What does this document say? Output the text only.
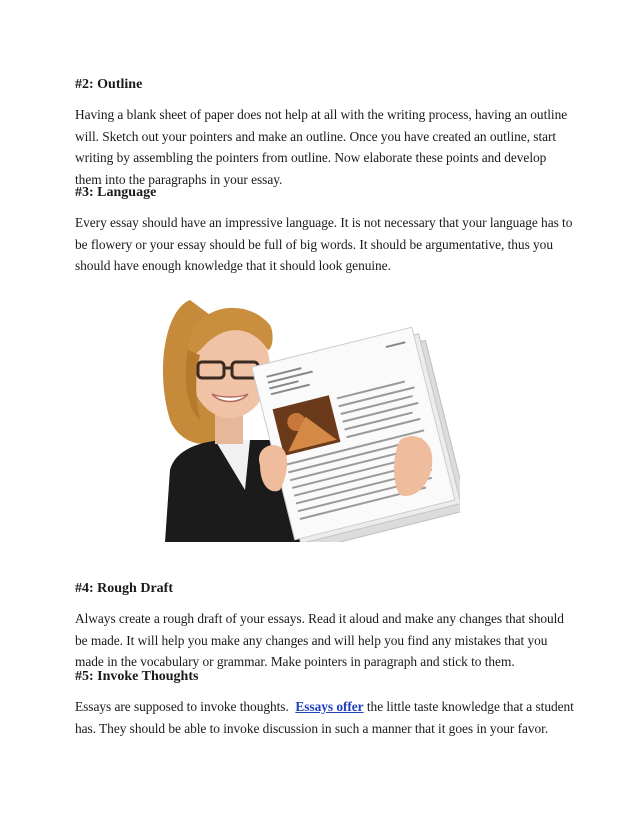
#2: Outline

Having a blank sheet of paper does not help at all with the writing process, having an outline will. Sketch out your pointers and make an outline. Once you have created an outline, start writing by assembling the pointers from outline. Now elaborate these points and develop them into the paragraphs in your essay.

#3: Language

Every essay should have an impressive language. It is not necessary that your language has to be flowery or your essay should be full of big words. It should be argumentative, thus you should have enough knowledge that it should look genuine.

#4: Rough Draft

Always create a rough draft of your essays. Read it aloud and make any changes that should be made. It will help you make any changes and will help you find any mistakes that you made in the vocabulary or grammar. Make pointers in paragraph and stick to them.

#5: Invoke Thoughts

Essays are supposed to invoke thoughts. Essays offer the little taste knowledge that a student has. They should be able to invoke discussion in such a manner that it goes in your favor.
